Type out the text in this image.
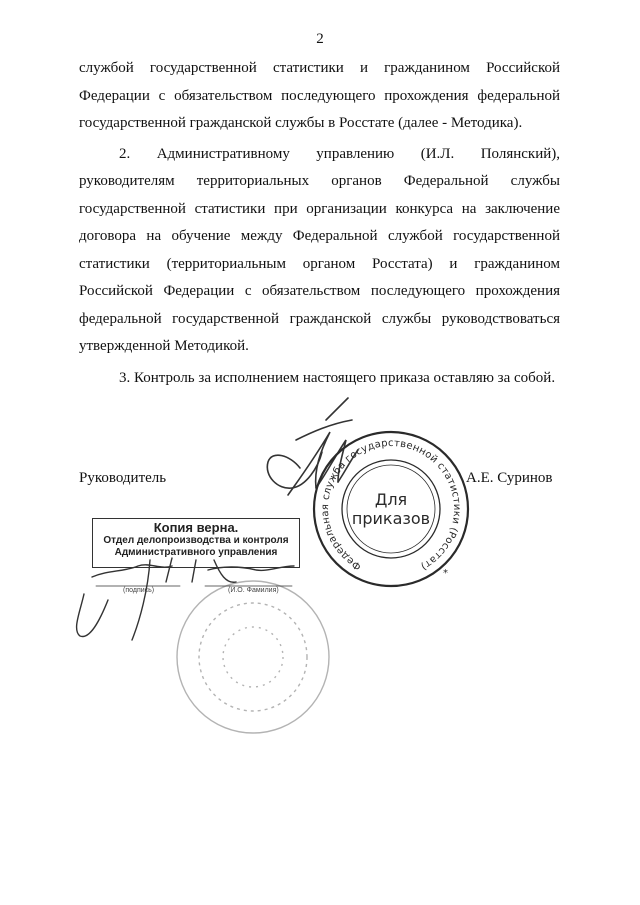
2

службой государственной статистики и гражданином Российской Федерации с обязательством последующего прохождения федеральной государственной гражданской службы в Росстате (далее - Методика).

2. Административному управлению (И.Л. Полянский), руководителям территориальных органов Федеральной службы государственной статистики при организации конкурса на заключение договора на обучение между Федеральной службой государственной статистики (территориальным органом Росстата) и гражданином Российской Федерации с обязательством последующего прохождения федеральной государственной гражданской службы руководствоваться утвержденной Методикой.

3. Контроль за исполнением настоящего приказа оставляю за собой.

Руководитель	А.Е. Суринов
Копия верна.
Отдел делопроизводства и контроля
Административного управления
Федеральная служба государственной статистики (Росстат)
*
Для
приказов
(подпись)	(И.О. Фамилия)
